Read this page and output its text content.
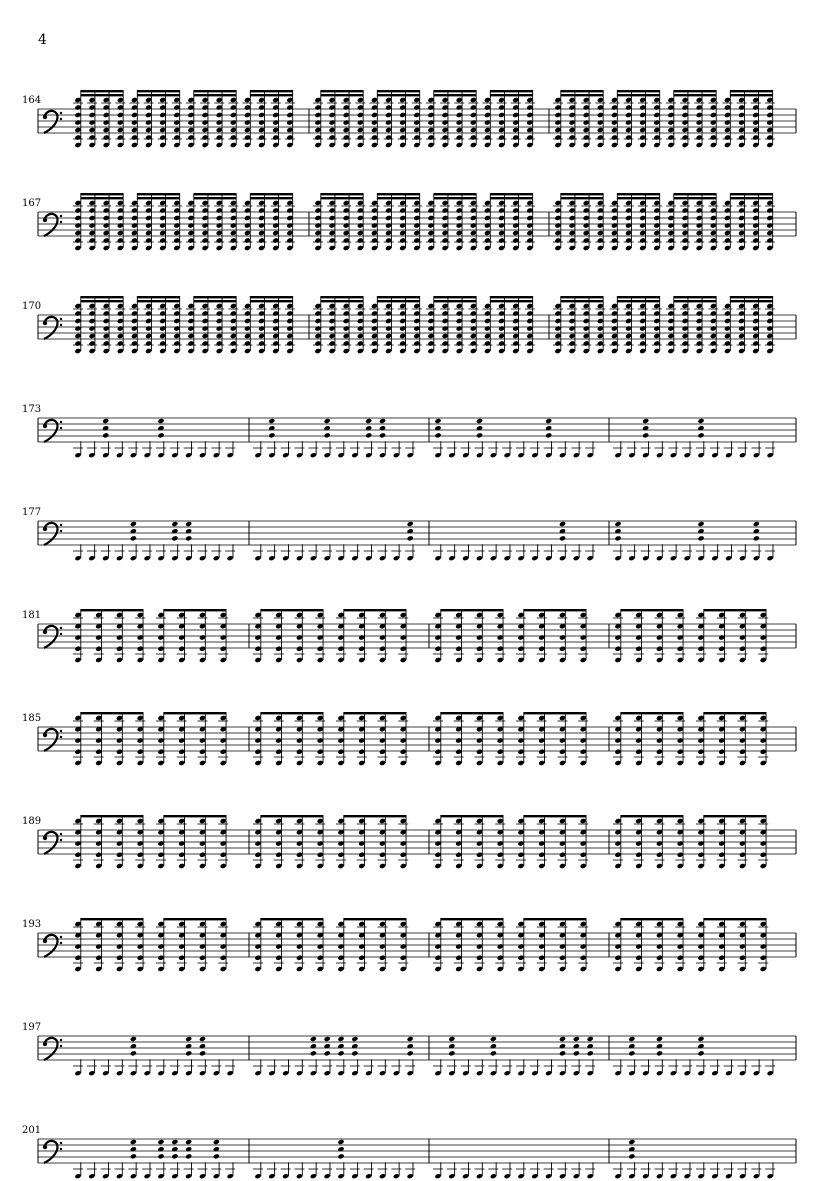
4
164
167
170
173
177
181
185
189
193
197
201
